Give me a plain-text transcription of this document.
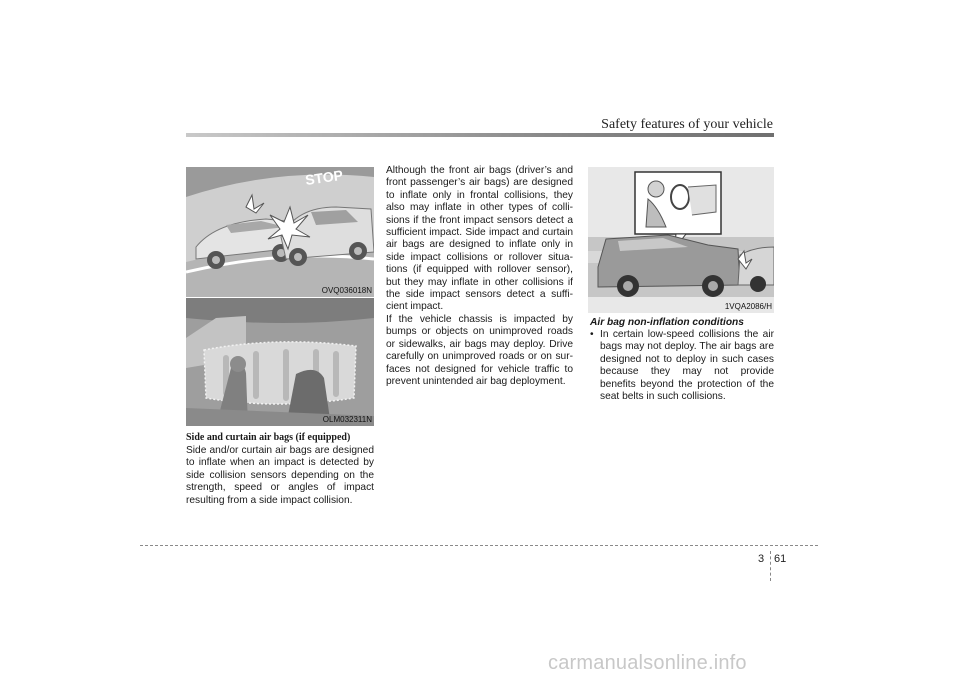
Safety features of your vehicle
STOP
OVQ036018N
OLM032311N

Side and curtain air bags (if equipped)

Side and/or curtain air bags are designed to inflate when an impact is detected by side collision sensors depending on the strength, speed or angles of impact resulting from a side impact collision.

Although the front air bags (driver’s and front passenger’s air bags) are designed to inflate only in frontal collisions, they also may inflate in other types of colli-sions if the front impact sensors detect a sufficient impact. Side impact and curtain air bags are designed to inflate only in side impact collisions or rollover situa-tions (if equipped with rollover sensor), but they may inflate in other collisions if the side impact sensors detect a suffi-cient impact.

If the vehicle chassis is impacted by bumps or objects on unimproved roads or sidewalks, air bags may deploy. Drive carefully on unimproved roads or on sur-faces not designed for vehicle traffic to prevent unintended air bag deployment.

1VQA2086/H

Air bag non-inflation conditions

• In certain low-speed collisions the air bags may not deploy. The air bags are designed not to deploy in such cases because they may not provide benefits beyond the protection of the seat belts in such collisions.
3 61
carmanualsonline.info
